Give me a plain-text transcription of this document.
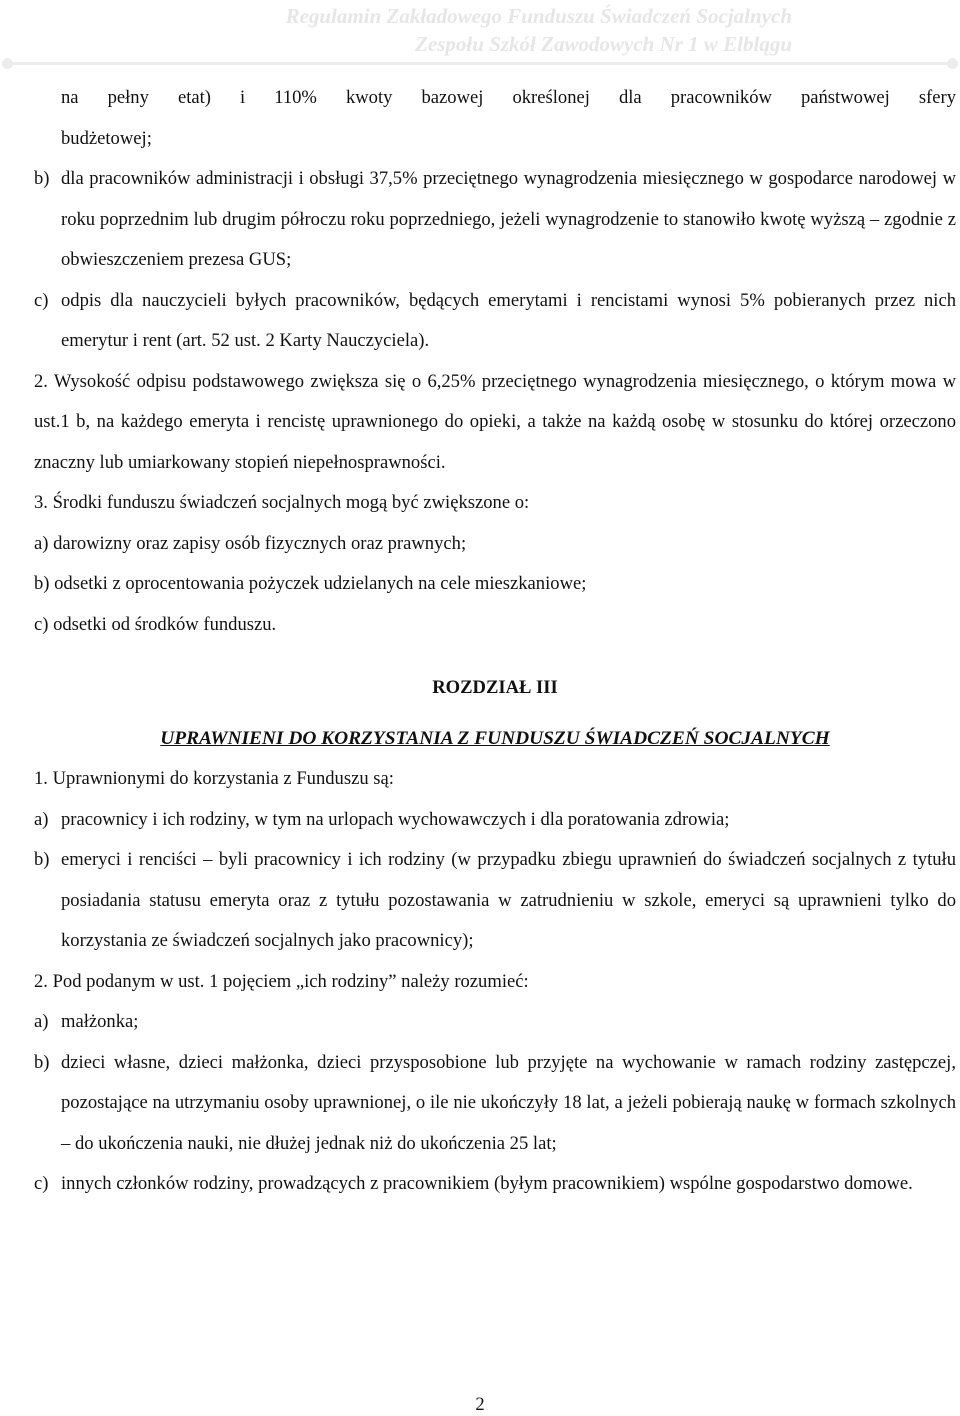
Regulamin Zakładowego Funduszu Świadczeń Socjalnych
Zespołu Szkół Zawodowych Nr 1 w Elblągu
na pełny etat) i 110% kwoty bazowej określonej dla pracowników państwowej sfery
budżetowej;
b) dla pracowników administracji i obsługi 37,5% przeciętnego wynagrodzenia miesięcznego w gospodarce narodowej w roku poprzednim lub drugim półroczu roku poprzedniego, jeżeli wynagrodzenie to stanowiło kwotę wyższą – zgodnie z obwieszczeniem prezesa GUS;
c) odpis dla nauczycieli byłych pracowników, będących emerytami i rencistami wynosi 5% pobieranych przez nich emerytur i rent (art. 52 ust. 2 Karty Nauczyciela).
2. Wysokość odpisu podstawowego zwiększa się o 6,25% przeciętnego wynagrodzenia miesięcznego, o którym mowa w ust.1 b, na każdego emeryta i rencistę uprawnionego do opieki, a także na każdą osobę w stosunku do której orzeczono znaczny lub umiarkowany stopień niepełnosprawności.
3. Środki funduszu świadczeń socjalnych mogą być zwiększone o:
a) darowizny oraz zapisy osób fizycznych oraz prawnych;
b) odsetki z oprocentowania pożyczek udzielanych na cele mieszkaniowe;
c) odsetki od środków funduszu.
ROZDZIAŁ III
UPRAWNIENI DO KORZYSTANIA Z FUNDUSZU ŚWIADCZEŃ SOCJALNYCH
1. Uprawnionymi do korzystania z Funduszu są:
a) pracownicy i ich rodziny, w tym na urlopach wychowawczych i dla poratowania zdrowia;
b) emeryci i renciści – byli pracownicy i ich rodziny (w przypadku zbiegu uprawnień do świadczeń socjalnych z tytułu posiadania statusu emeryta oraz z tytułu pozostawania w zatrudnieniu w szkole, emeryci są uprawnieni tylko do korzystania ze świadczeń socjalnych jako pracownicy);
2. Pod podanym w ust. 1 pojęciem „ich rodziny” należy rozumieć:
a) małżonka;
b) dzieci własne, dzieci małżonka, dzieci przysposobione lub przyjęte na wychowanie w ramach rodziny zastępczej, pozostające na utrzymaniu osoby uprawnionej, o ile nie ukończyły 18 lat, a jeżeli pobierają naukę w formach szkolnych – do ukończenia nauki, nie dłużej jednak niż do ukończenia 25 lat;
c) innych członków rodziny, prowadzących z pracownikiem (byłym pracownikiem) wspólne gospodarstwo domowe.
2
